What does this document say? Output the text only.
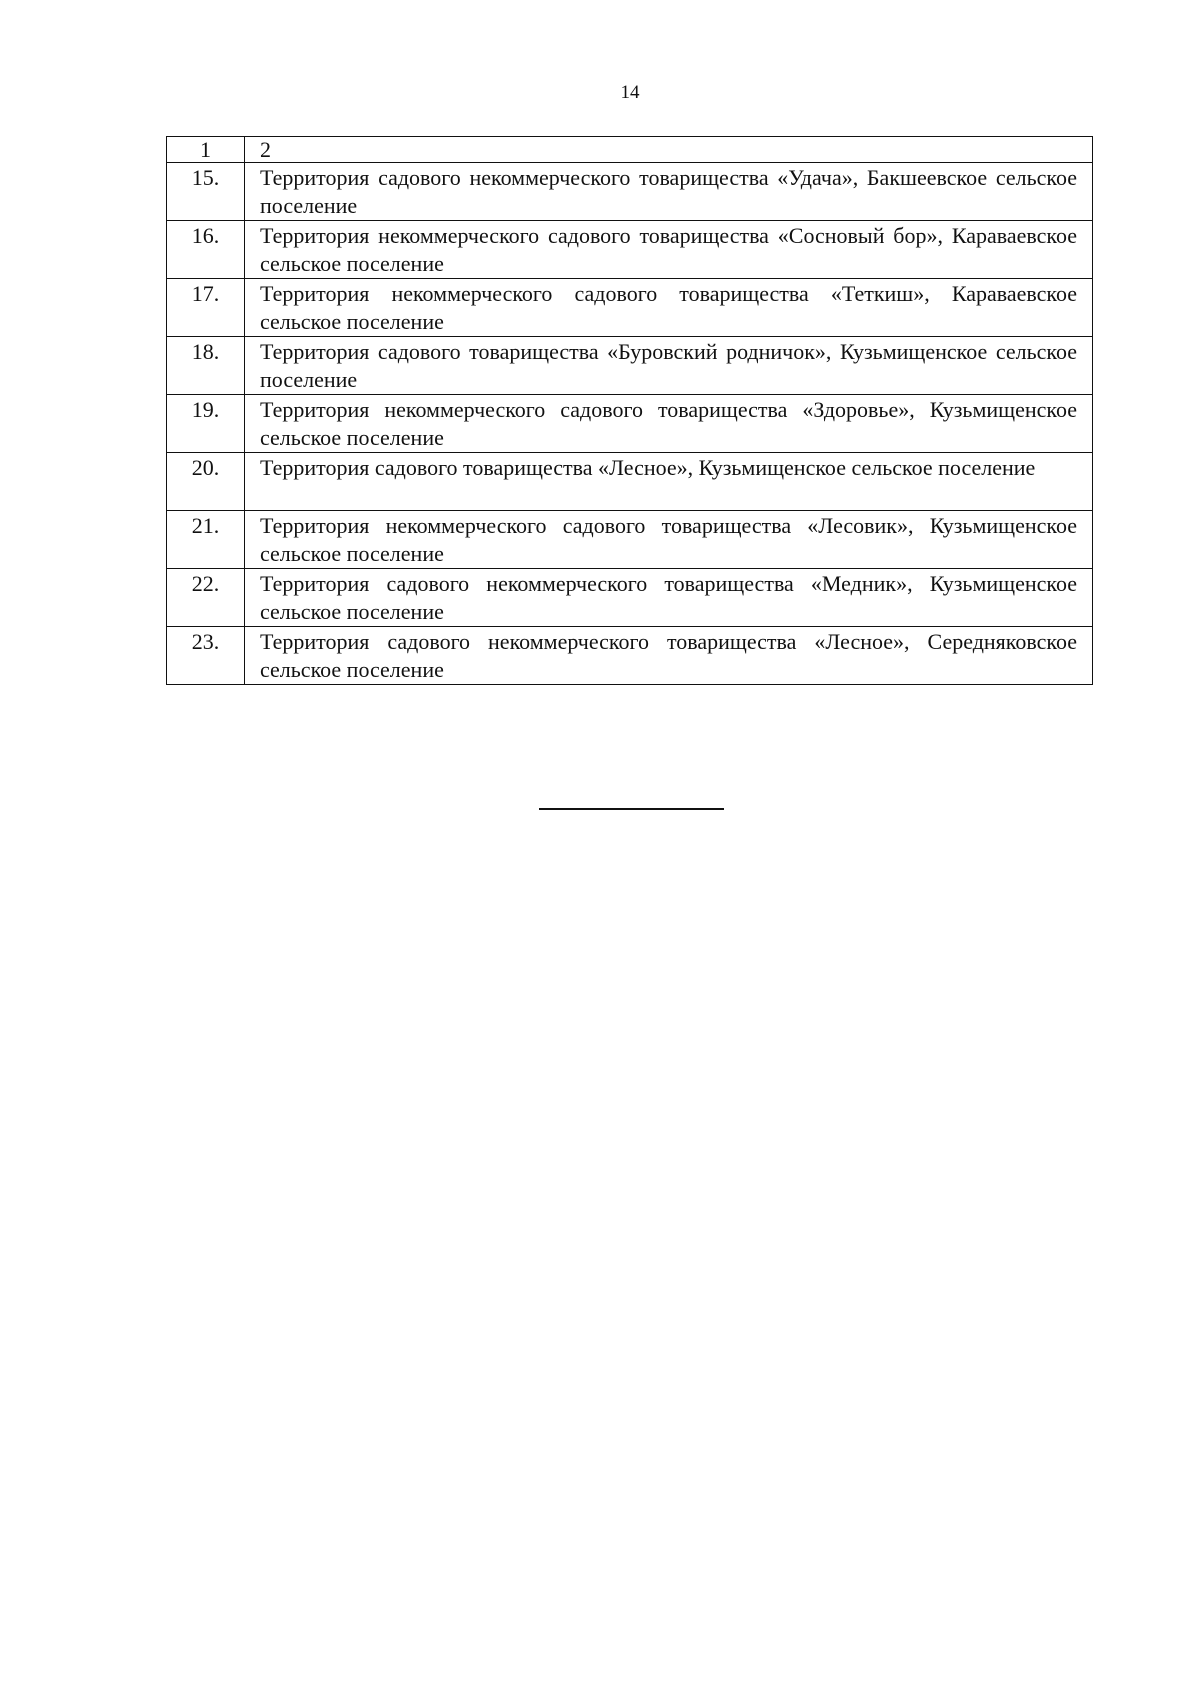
14
1	2
15.	Территория садового некоммерческого товарищества «Удача», Бакшеевское сельское поселение
16.	Территория некоммерческого садового товарищества «Сосновый бор», Караваевское сельское поселение
17.	Территория некоммерческого садового товарищества «Теткиш», Караваевское сельское поселение
18.	Территория садового товарищества «Буровский родничок», Кузьмищенское сельское поселение
19.	Территория некоммерческого садового товарищества «Здоровье», Кузьмищенское сельское поселение
20.	Территория садового товарищества «Лесное», Кузьмищенское сельское поселение
21.	Территория некоммерческого садового товарищества «Лесовик», Кузьмищенское сельское поселение
22.	Территория садового некоммерческого товарищества «Медник», Кузьмищенское сельское поселение
23.	Территория садового некоммерческого товарищества «Лесное», Середняковское сельское поселение
